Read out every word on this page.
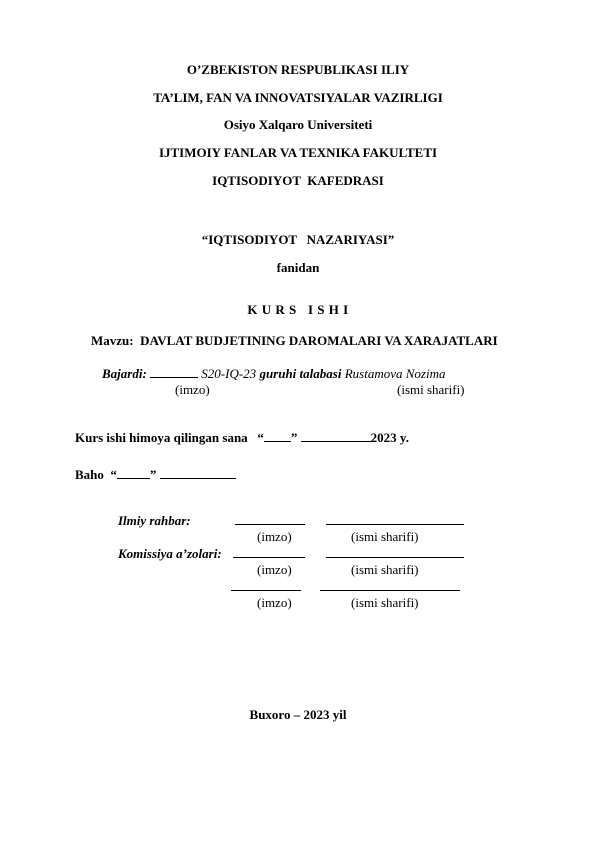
O’ZBEKISTON RESPUBLIKASI ILIY
TA’LIM, FAN VA INNOVATSIYALAR VAZIRLIGI
Osiyo Xalqaro Universiteti
IJTIMOIY FANLAR VA TEXNIKA FAKULTETI
IQTISODIYOT  KAFEDRASI
“IQTISODIYOT   NAZARIYASI”
fanidan
K U R S   I S H I
Mavzu: DAVLAT BUDJETINING DAROMALARI VA XARAJATLARI
Bajardi:	S20-IQ-23 guruhi talabasi Rustamova Nozima
(imzo)	(ismi sharifi)
Kurs ishi himoya qilingan sana “ ”	2023 y.
Baho “	”
Ilmiy rahbar:
(imzo)	(ismi sharifi)
Komissiya a’zolari:
(imzo)	(ismi sharifi)
(imzo)	(ismi sharifi)
Buxoro – 2023 yil
